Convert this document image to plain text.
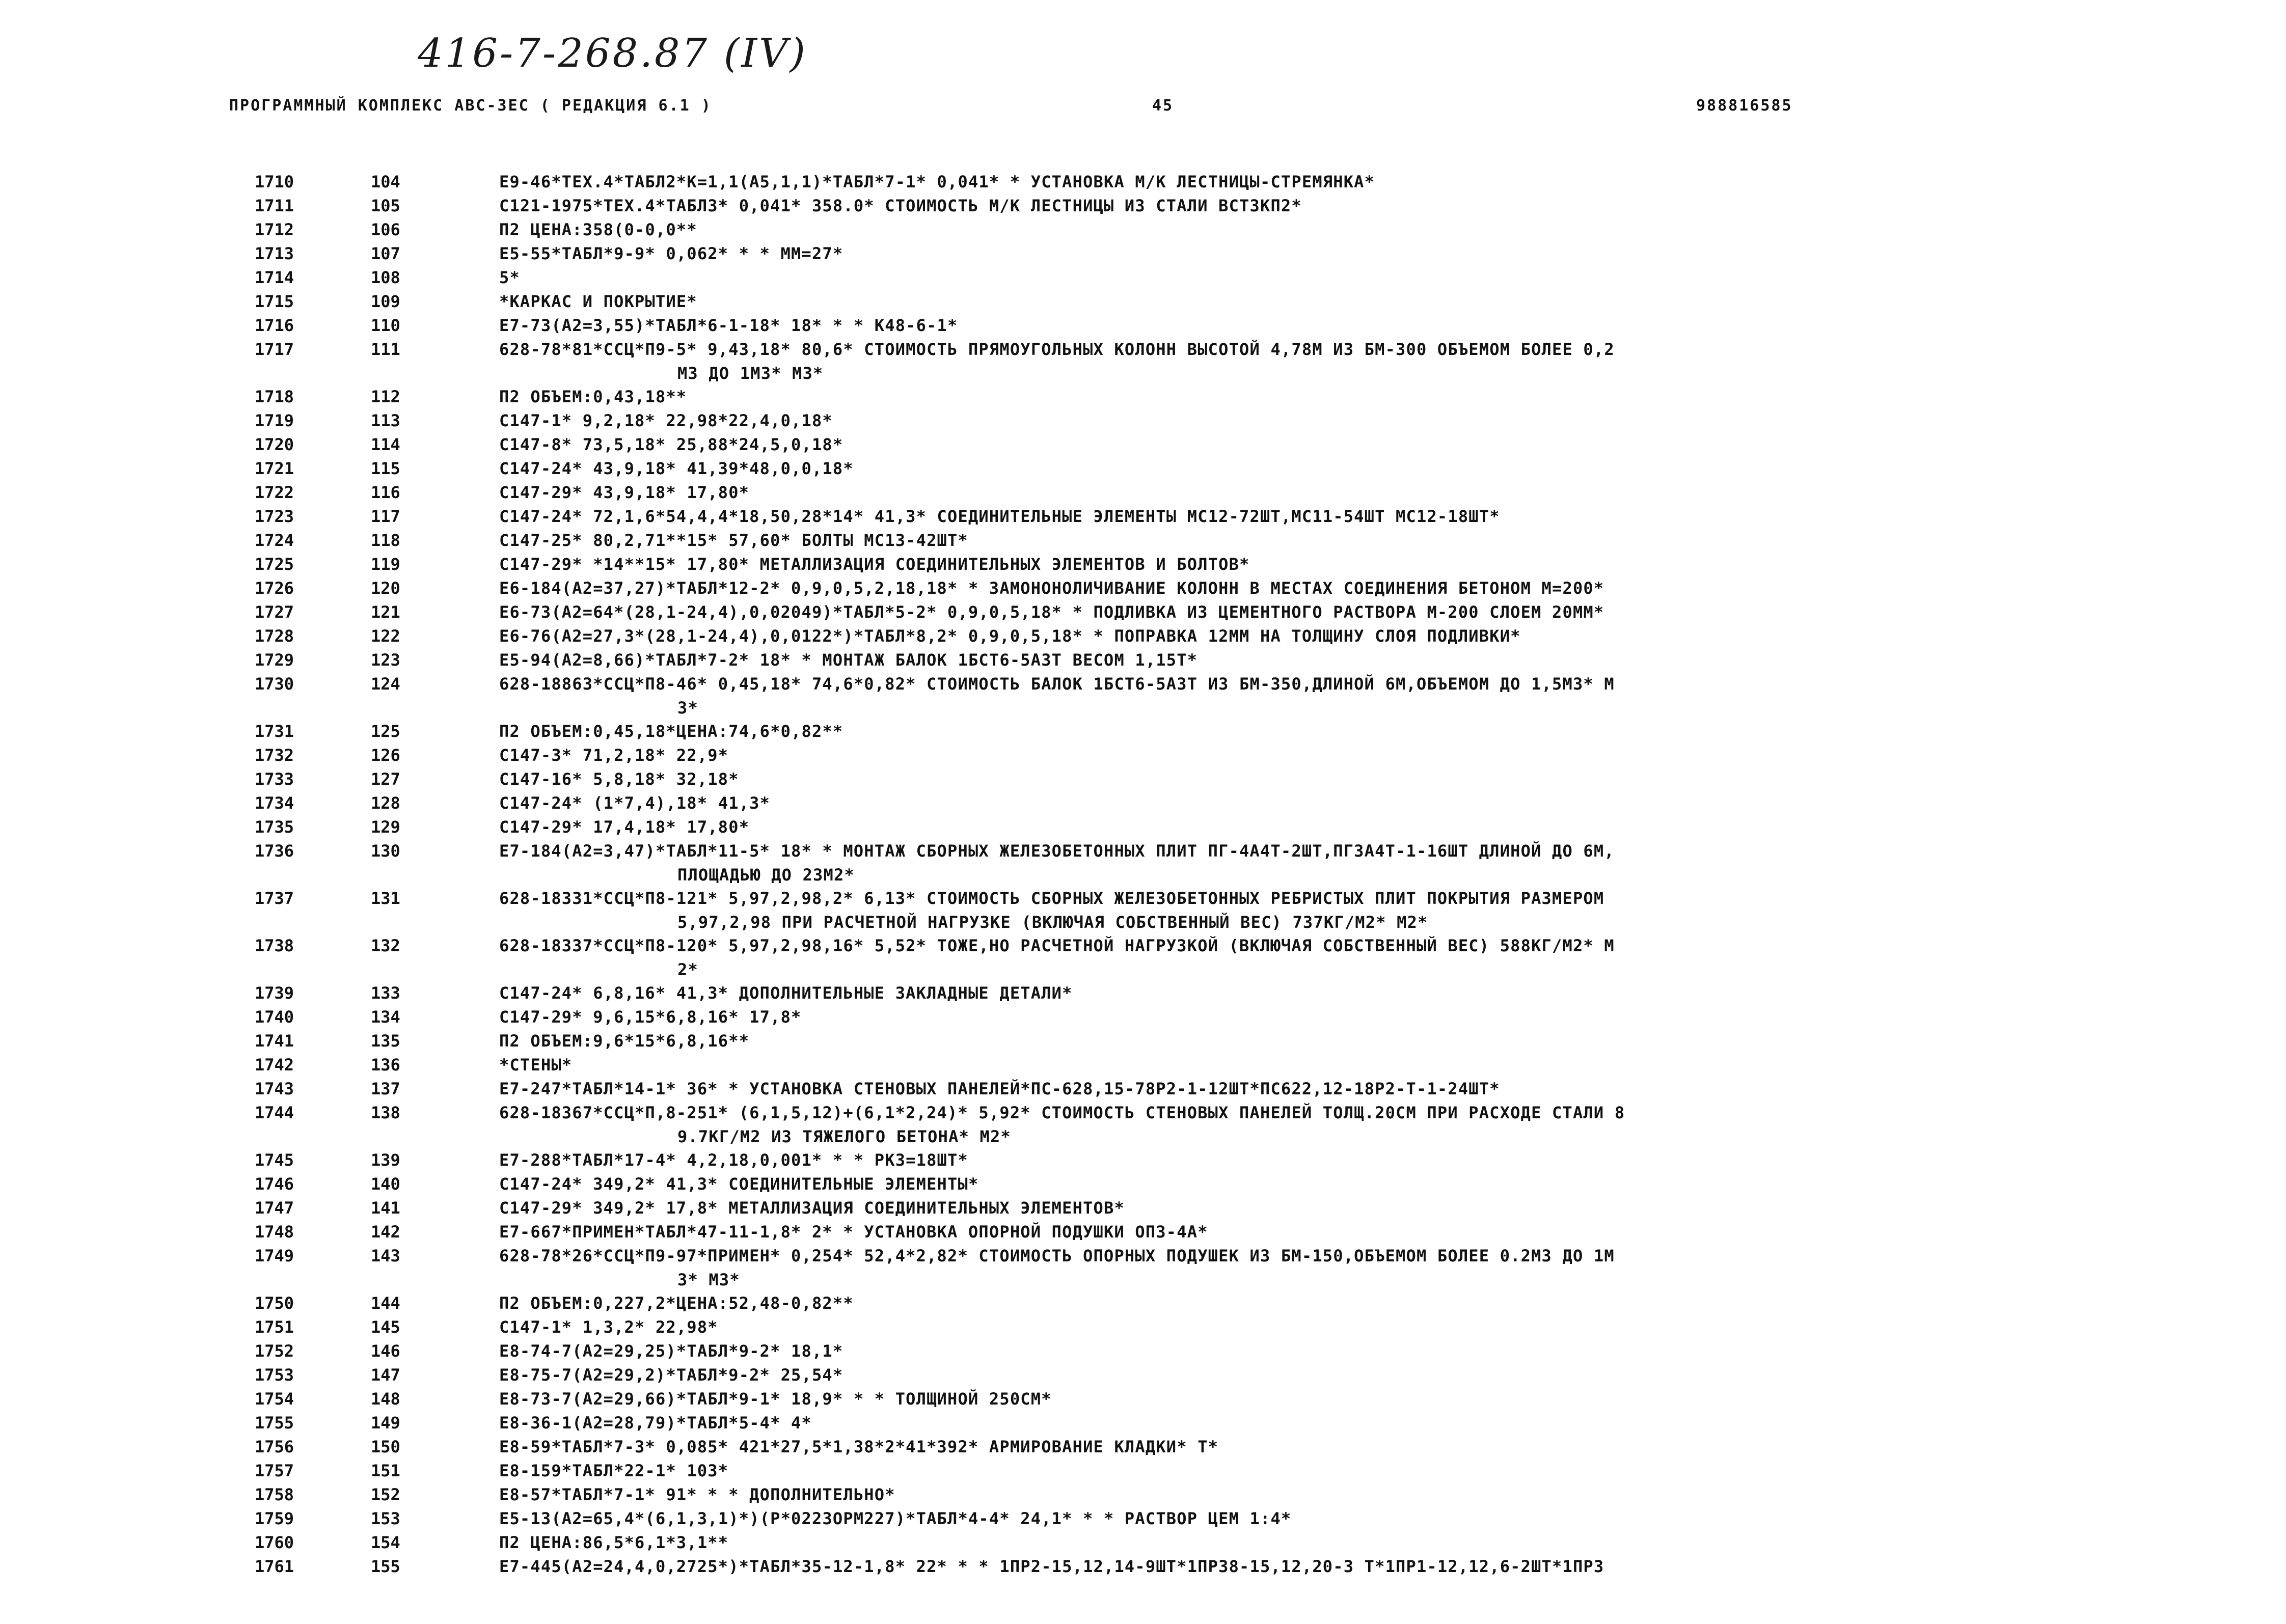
416-7-268.87 (IV)
ПРОГРАММНЫЙ КОМПЛЕКС АВС-3ЕС ( РЕДАКЦИЯ 6.1 )	45	988816585
1710	104	Е9-46*ТЕХ.4*ТАБЛ2*К=1,1(А5,1,1)*ТАБЛ*7-1* 0,041* * УСТАНОВКА М/К ЛЕСТНИЦЫ-СТРЕМЯНКА*
1711	105	С121-1975*ТЕХ.4*ТАБЛ3* 0,041* 358.0* СТОИМОСТЬ М/К ЛЕСТНИЦЫ ИЗ СТАЛИ ВСТ3КП2*
1712	106	П2 ЦЕНА:358(0-0,0**
1713	107	Е5-55*ТАБЛ*9-9* 0,062* * * ММ=27*
1714	108	5*
1715	109	*КАРКАС И ПОКРЫТИЕ*
1716	110	Е7-73(А2=3,55)*ТАБЛ*6-1-18* 18* * * К48-6-1*
1717	111	628-78*81*ССЦ*П9-5* 9,43,18* 80,6* СТОИМОСТЬ ПРЯМОУГОЛЬНЫХ КОЛОНН ВЫСОТОЙ 4,78М ИЗ БМ-300 ОБЪЕМОМ БОЛЕЕ 0,2
М3 ДО 1М3* М3*
1718	112	П2 ОБЪЕМ:0,43,18**
1719	113	С147-1* 9,2,18* 22,98*22,4,0,18*
1720	114	С147-8* 73,5,18* 25,88*24,5,0,18*
1721	115	С147-24* 43,9,18* 41,39*48,0,0,18*
1722	116	С147-29* 43,9,18* 17,80*
1723	117	С147-24* 72,1,6*54,4,4*18,50,28*14* 41,3* СОЕДИНИТЕЛЬНЫЕ ЭЛЕМЕНТЫ МС12-72ШТ,МС11-54ШТ МС12-18ШТ*
1724	118	С147-25* 80,2,71**15* 57,60* БОЛТЫ МС13-42ШТ*
1725	119	С147-29* *14**15* 17,80* МЕТАЛЛИЗАЦИЯ СОЕДИНИТЕЛЬНЫХ ЭЛЕМЕНТОВ И БОЛТОВ*
1726	120	Е6-184(А2=37,27)*ТАБЛ*12-2* 0,9,0,5,2,18,18* * ЗАМОНОНОЛИЧИВАНИЕ КОЛОНН В МЕСТАХ СОЕДИНЕНИЯ БЕТОНОМ М=200*
1727	121	Е6-73(А2=64*(28,1-24,4),0,02049)*ТАБЛ*5-2* 0,9,0,5,18* * ПОДЛИВКА ИЗ ЦЕМЕНТНОГО РАСТВОРА М-200 СЛОЕМ 20ММ*
1728	122	Е6-76(А2=27,3*(28,1-24,4),0,0122*)*ТАБЛ*8,2* 0,9,0,5,18* * ПОПРАВКА 12ММ НА ТОЛЩИНУ СЛОЯ ПОДЛИВКИ*
1729	123	Е5-94(А2=8,66)*ТАБЛ*7-2* 18* * МОНТАЖ БАЛОК 1БСТ6-5А3Т ВЕСОМ 1,15Т*
1730	124	628-18863*ССЦ*П8-46* 0,45,18* 74,6*0,82* СТОИМОСТЬ БАЛОК 1БСТ6-5А3Т ИЗ БМ-350,ДЛИНОЙ 6М,ОБЪЕМОМ ДО 1,5М3* М
3*
1731	125	П2 ОБЪЕМ:0,45,18*ЦЕНА:74,6*0,82**
1732	126	С147-3* 71,2,18* 22,9*
1733	127	С147-16* 5,8,18* 32,18*
1734	128	С147-24* (1*7,4),18* 41,3*
1735	129	С147-29* 17,4,18* 17,80*
1736	130	Е7-184(А2=3,47)*ТАБЛ*11-5* 18* * МОНТАЖ СБОРНЫХ ЖЕЛЕЗОБЕТОННЫХ ПЛИТ ПГ-4А4Т-2ШТ,ПГ3А4Т-1-16ШТ ДЛИНОЙ ДО 6М,
ПЛОЩАДЬЮ ДО 23М2*
1737	131	628-18331*ССЦ*П8-121* 5,97,2,98,2* 6,13* СТОИМОСТЬ СБОРНЫХ ЖЕЛЕЗОБЕТОННЫХ РЕБРИСТЫХ ПЛИТ ПОКРЫТИЯ РАЗМЕРОМ
5,97,2,98 ПРИ РАСЧЕТНОЙ НАГРУЗКЕ (ВКЛЮЧАЯ СОБСТВЕННЫЙ ВЕС) 737КГ/М2* М2*
1738	132	628-18337*ССЦ*П8-120* 5,97,2,98,16* 5,52* ТОЖЕ,НО РАСЧЕТНОЙ НАГРУЗКОЙ (ВКЛЮЧАЯ СОБСТВЕННЫЙ ВЕС) 588КГ/М2* М
2*
1739	133	С147-24* 6,8,16* 41,3* ДОПОЛНИТЕЛЬНЫЕ ЗАКЛАДНЫЕ ДЕТАЛИ*
1740	134	С147-29* 9,6,15*6,8,16* 17,8*
1741	135	П2 ОБЪЕМ:9,6*15*6,8,16**
1742	136	*СТЕНЫ*
1743	137	Е7-247*ТАБЛ*14-1* 36* * УСТАНОВКА СТЕНОВЫХ ПАНЕЛЕЙ*ПС-628,15-78Р2-1-12ШТ*ПС622,12-18Р2-Т-1-24ШТ*
1744	138	628-18367*ССЦ*П,8-251* (6,1,5,12)+(6,1*2,24)* 5,92* СТОИМОСТЬ СТЕНОВЫХ ПАНЕЛЕЙ ТОЛЩ.20СМ ПРИ РАСХОДЕ СТАЛИ 8
9.7КГ/М2 ИЗ ТЯЖЕЛОГО БЕТОНА* М2*
1745	139	Е7-288*ТАБЛ*17-4* 4,2,18,0,001* * * РК3=18ШТ*
1746	140	С147-24* 349,2* 41,3* СОЕДИНИТЕЛЬНЫЕ ЭЛЕМЕНТЫ*
1747	141	С147-29* 349,2* 17,8* МЕТАЛЛИЗАЦИЯ СОЕДИНИТЕЛЬНЫХ ЭЛЕМЕНТОВ*
1748	142	Е7-667*ПРИМЕН*ТАБЛ*47-11-1,8* 2* * УСТАНОВКА ОПОРНОЙ ПОДУШКИ ОП3-4А*
1749	143	628-78*26*ССЦ*П9-97*ПРИМЕН* 0,254* 52,4*2,82* СТОИМОСТЬ ОПОРНЫХ ПОДУШЕК ИЗ БМ-150,ОБЪЕМОМ БОЛЕЕ 0.2М3 ДО 1М
3* М3*
1750	144	П2 ОБЪЕМ:0,227,2*ЦЕНА:52,48-0,82**
1751	145	С147-1* 1,3,2* 22,98*
1752	146	Е8-74-7(А2=29,25)*ТАБЛ*9-2* 18,1*
1753	147	Е8-75-7(А2=29,2)*ТАБЛ*9-2* 25,54*
1754	148	Е8-73-7(А2=29,66)*ТАБЛ*9-1* 18,9* * * ТОЛЩИНОЙ 250СМ*
1755	149	Е8-36-1(А2=28,79)*ТАБЛ*5-4* 4*
1756	150	Е8-59*ТАБЛ*7-3* 0,085* 421*27,5*1,38*2*41*392* АРМИРОВАНИЕ КЛАДКИ* Т*
1757	151	Е8-159*ТАБЛ*22-1* 103*
1758	152	Е8-57*ТАБЛ*7-1* 91* * * ДОПОЛНИТЕЛЬНО*
1759	153	Е5-13(А2=65,4*(6,1,3,1)*)(Р*0223ОРМ227)*ТАБЛ*4-4* 24,1* * * РАСТВОР ЦЕМ 1:4*
1760	154	П2 ЦЕНА:86,5*6,1*3,1**
1761	155	Е7-445(А2=24,4,0,2725*)*ТАБЛ*35-12-1,8* 22* * * 1ПР2-15,12,14-9ШТ*1ПР38-15,12,20-3 Т*1ПР1-12,12,6-2ШТ*1ПР3
